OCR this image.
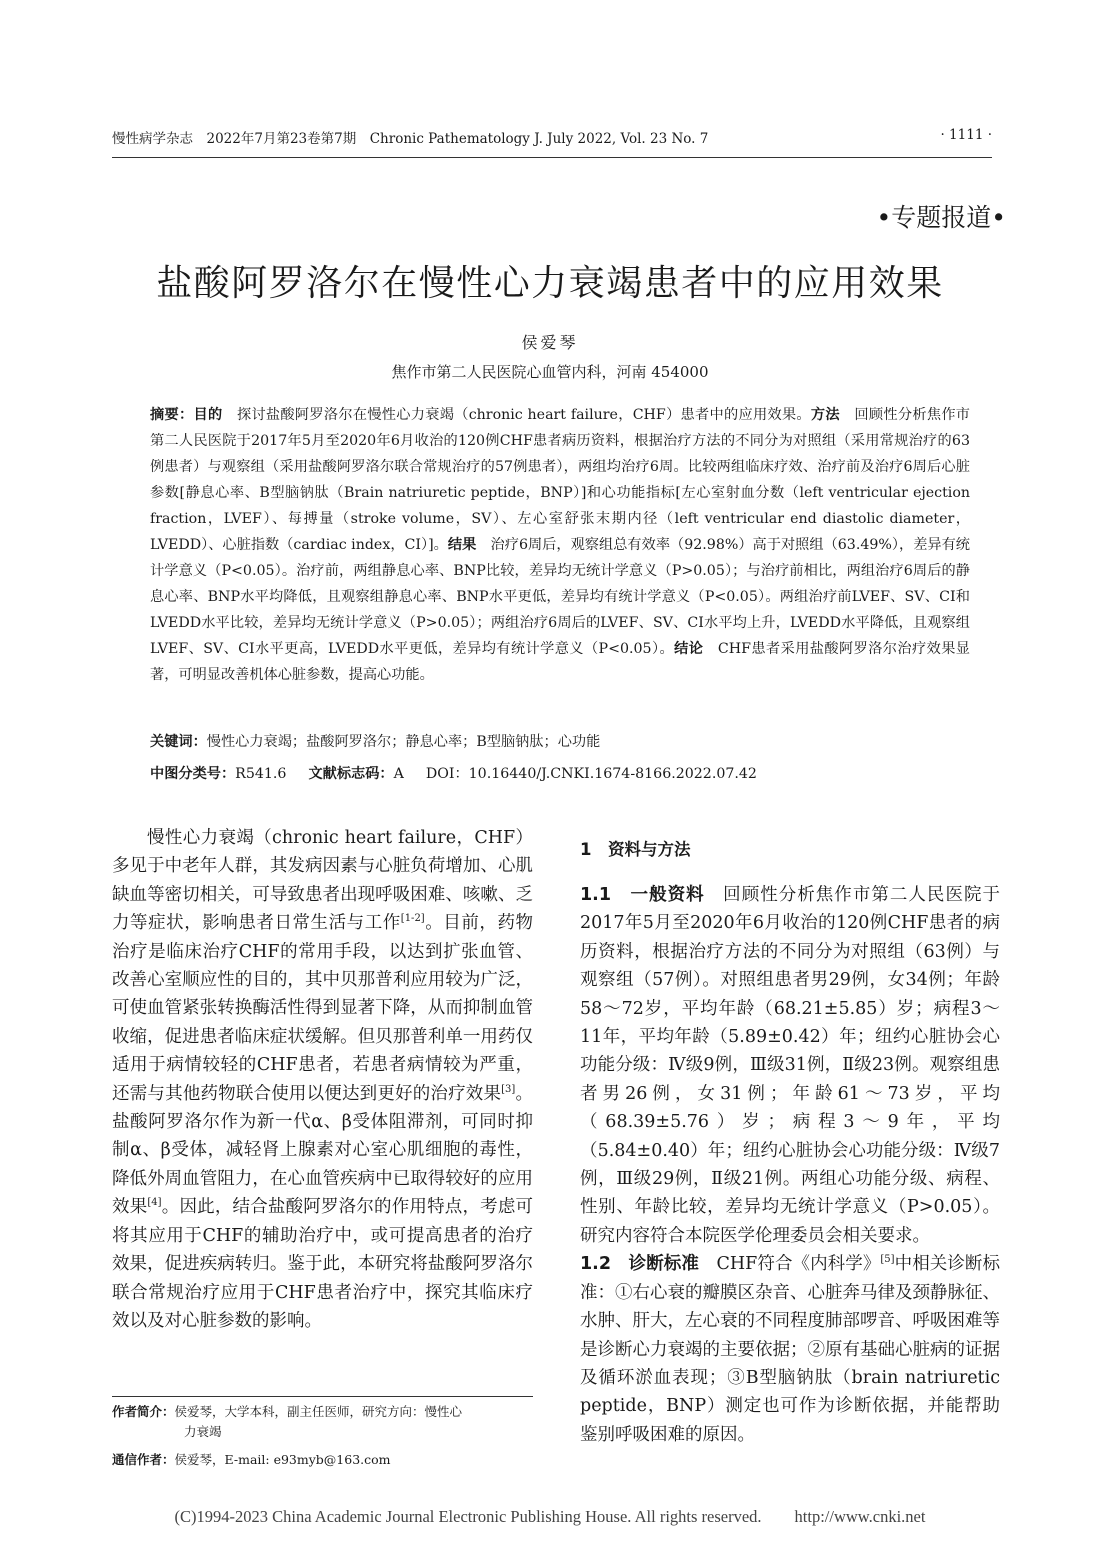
慢性病学杂志　2022年7月第23卷第7期　Chronic Pathematology J. July 2022, Vol. 23 No. 7	· 1111 ·
•专题报道•
盐酸阿罗洛尔在慢性心力衰竭患者中的应用效果
侯爱琴
焦作市第二人民医院心血管内科，河南 454000

摘要：目的　 探讨盐酸阿罗洛尔在慢性心力衰竭（chronic heart failure，CHF）患者中的应用效果。方法　 回顾性分析焦作市第二人民医院于2017年5月至2020年6月收治的120例CHF患者病历资料，根据治疗方法的不同分为对照组（采用常规治疗的63例患者）与观察组（采用盐酸阿罗洛尔联合常规治疗的57例患者），两组均治疗6周。比较两组临床疗效、治疗前及治疗6周后心脏参数[静息心率、B型脑钠肽（Brain natriuretic peptide，BNP）]和心功能指标[左心室射血分数（left ventricular ejection fraction，LVEF）、每搏量（stroke volume，SV）、左心室舒张末期内径（left ventricular end diastolic diameter，LVEDD）、心脏指数（cardiac index，CI）]。结果　 治疗6周后，观察组总有效率（92.98%）高于对照组（63.49%），差异有统计学意义（P<0.05）。治疗前，两组静息心率、BNP比较，差异均无统计学意义（P>0.05）；与治疗前相比，两组治疗6周后的静息心率、BNP水平均降低，且观察组静息心率、BNP水平更低，差异均有统计学意义（P<0.05）。两组治疗前LVEF、SV、CI和LVEDD水平比较，差异均无统计学意义（P>0.05）；两组治疗6周后的LVEF、SV、CI水平均上升，LVEDD水平降低，且观察组LVEF、SV、CI水平更高，LVEDD水平更低，差异均有统计学意义（P<0.05）。结论　 CHF患者采用盐酸阿罗洛尔治疗效果显著，可明显改善机体心脏参数，提高心功能。

关键词：慢性心力衰竭；盐酸阿罗洛尔；静息心率；B型脑钠肽；心功能

中图分类号：R541.6 文献标志码：A DOI：10.16440/J.CNKI.1674-8166.2022.07.42

慢性心力衰竭（chronic heart failure，CHF）多见于中老年人群，其发病因素与心脏负荷增加、心肌缺血等密切相关，可导致患者出现呼吸困难、咳嗽、乏力等症状，影响患者日常生活与工作[1-2]。目前，药物治疗是临床治疗CHF的常用手段，以达到扩张血管、改善心室顺应性的目的，其中贝那普利应用较为广泛，可使血管紧张转换酶活性得到显著下降，从而抑制血管收缩，促进患者临床症状缓解。但贝那普利单一用药仅适用于病情较轻的CHF患者，若患者病情较为严重，还需与其他药物联合使用以便达到更好的治疗效果[3]。盐酸阿罗洛尔作为新一代α、β受体阻滞剂，可同时抑制α、β受体，减轻肾上腺素对心室心肌细胞的毒性，降低外周血管阻力，在心血管疾病中已取得较好的应用效果[4]。因此，结合盐酸阿罗洛尔的作用特点，考虑可将其应用于CHF的辅助治疗中，或可提高患者的治疗效果，促进疾病转归。鉴于此，本研究将盐酸阿罗洛尔联合常规治疗应用于CHF患者治疗中，探究其临床疗效以及对心脏参数的影响。

1　资料与方法

1.1　一般资料　 回顾性分析焦作市第二人民医院于2017年5月至2020年6月收治的120例CHF患者的病历资料，根据治疗方法的不同分为对照组（63例）与观察组（57例）。对照组患者男29例，女34例；年龄58～72岁，平均年龄（68.21±5.85）岁；病程3～11年，平均年龄（5.89±0.42）年；纽约心脏协会心功能分级：Ⅳ级9例，Ⅲ级31例，Ⅱ级23例。观察组患者男26例，女31例；年龄61～73岁，平均（68.39±5.76）岁；病程3～9年，平均（5.84±0.40）年；纽约心脏协会心功能分级：Ⅳ级7例，Ⅲ级29例，Ⅱ级21例。两组心功能分级、病程、性别、年龄比较，差异均无统计学意义（P>0.05）。研究内容符合本院医学伦理委员会相关要求。

1.2　诊断标准　 CHF符合《内科学》[5]中相关诊断标准：①右心衰的瓣膜区杂音、心脏奔马律及颈静脉征、水肿、肝大，左心衰的不同程度肺部啰音、呼吸困难等是诊断心力衰竭的主要依据；②原有基础心脏病的证据及循环淤血表现；③B型脑钠肽（brain natriuretic peptide，BNP）测定也可作为诊断依据，并能帮助鉴别呼吸困难的原因。

作者简介：侯爱琴，大学本科，副主任医师，研究方向：慢性心
力衰竭

通信作者：侯爱琴，E-mail: e93myb@163.com

(C)1994-2023 China Academic Journal Electronic Publishing House. All rights reserved.　　http://www.cnki.net
